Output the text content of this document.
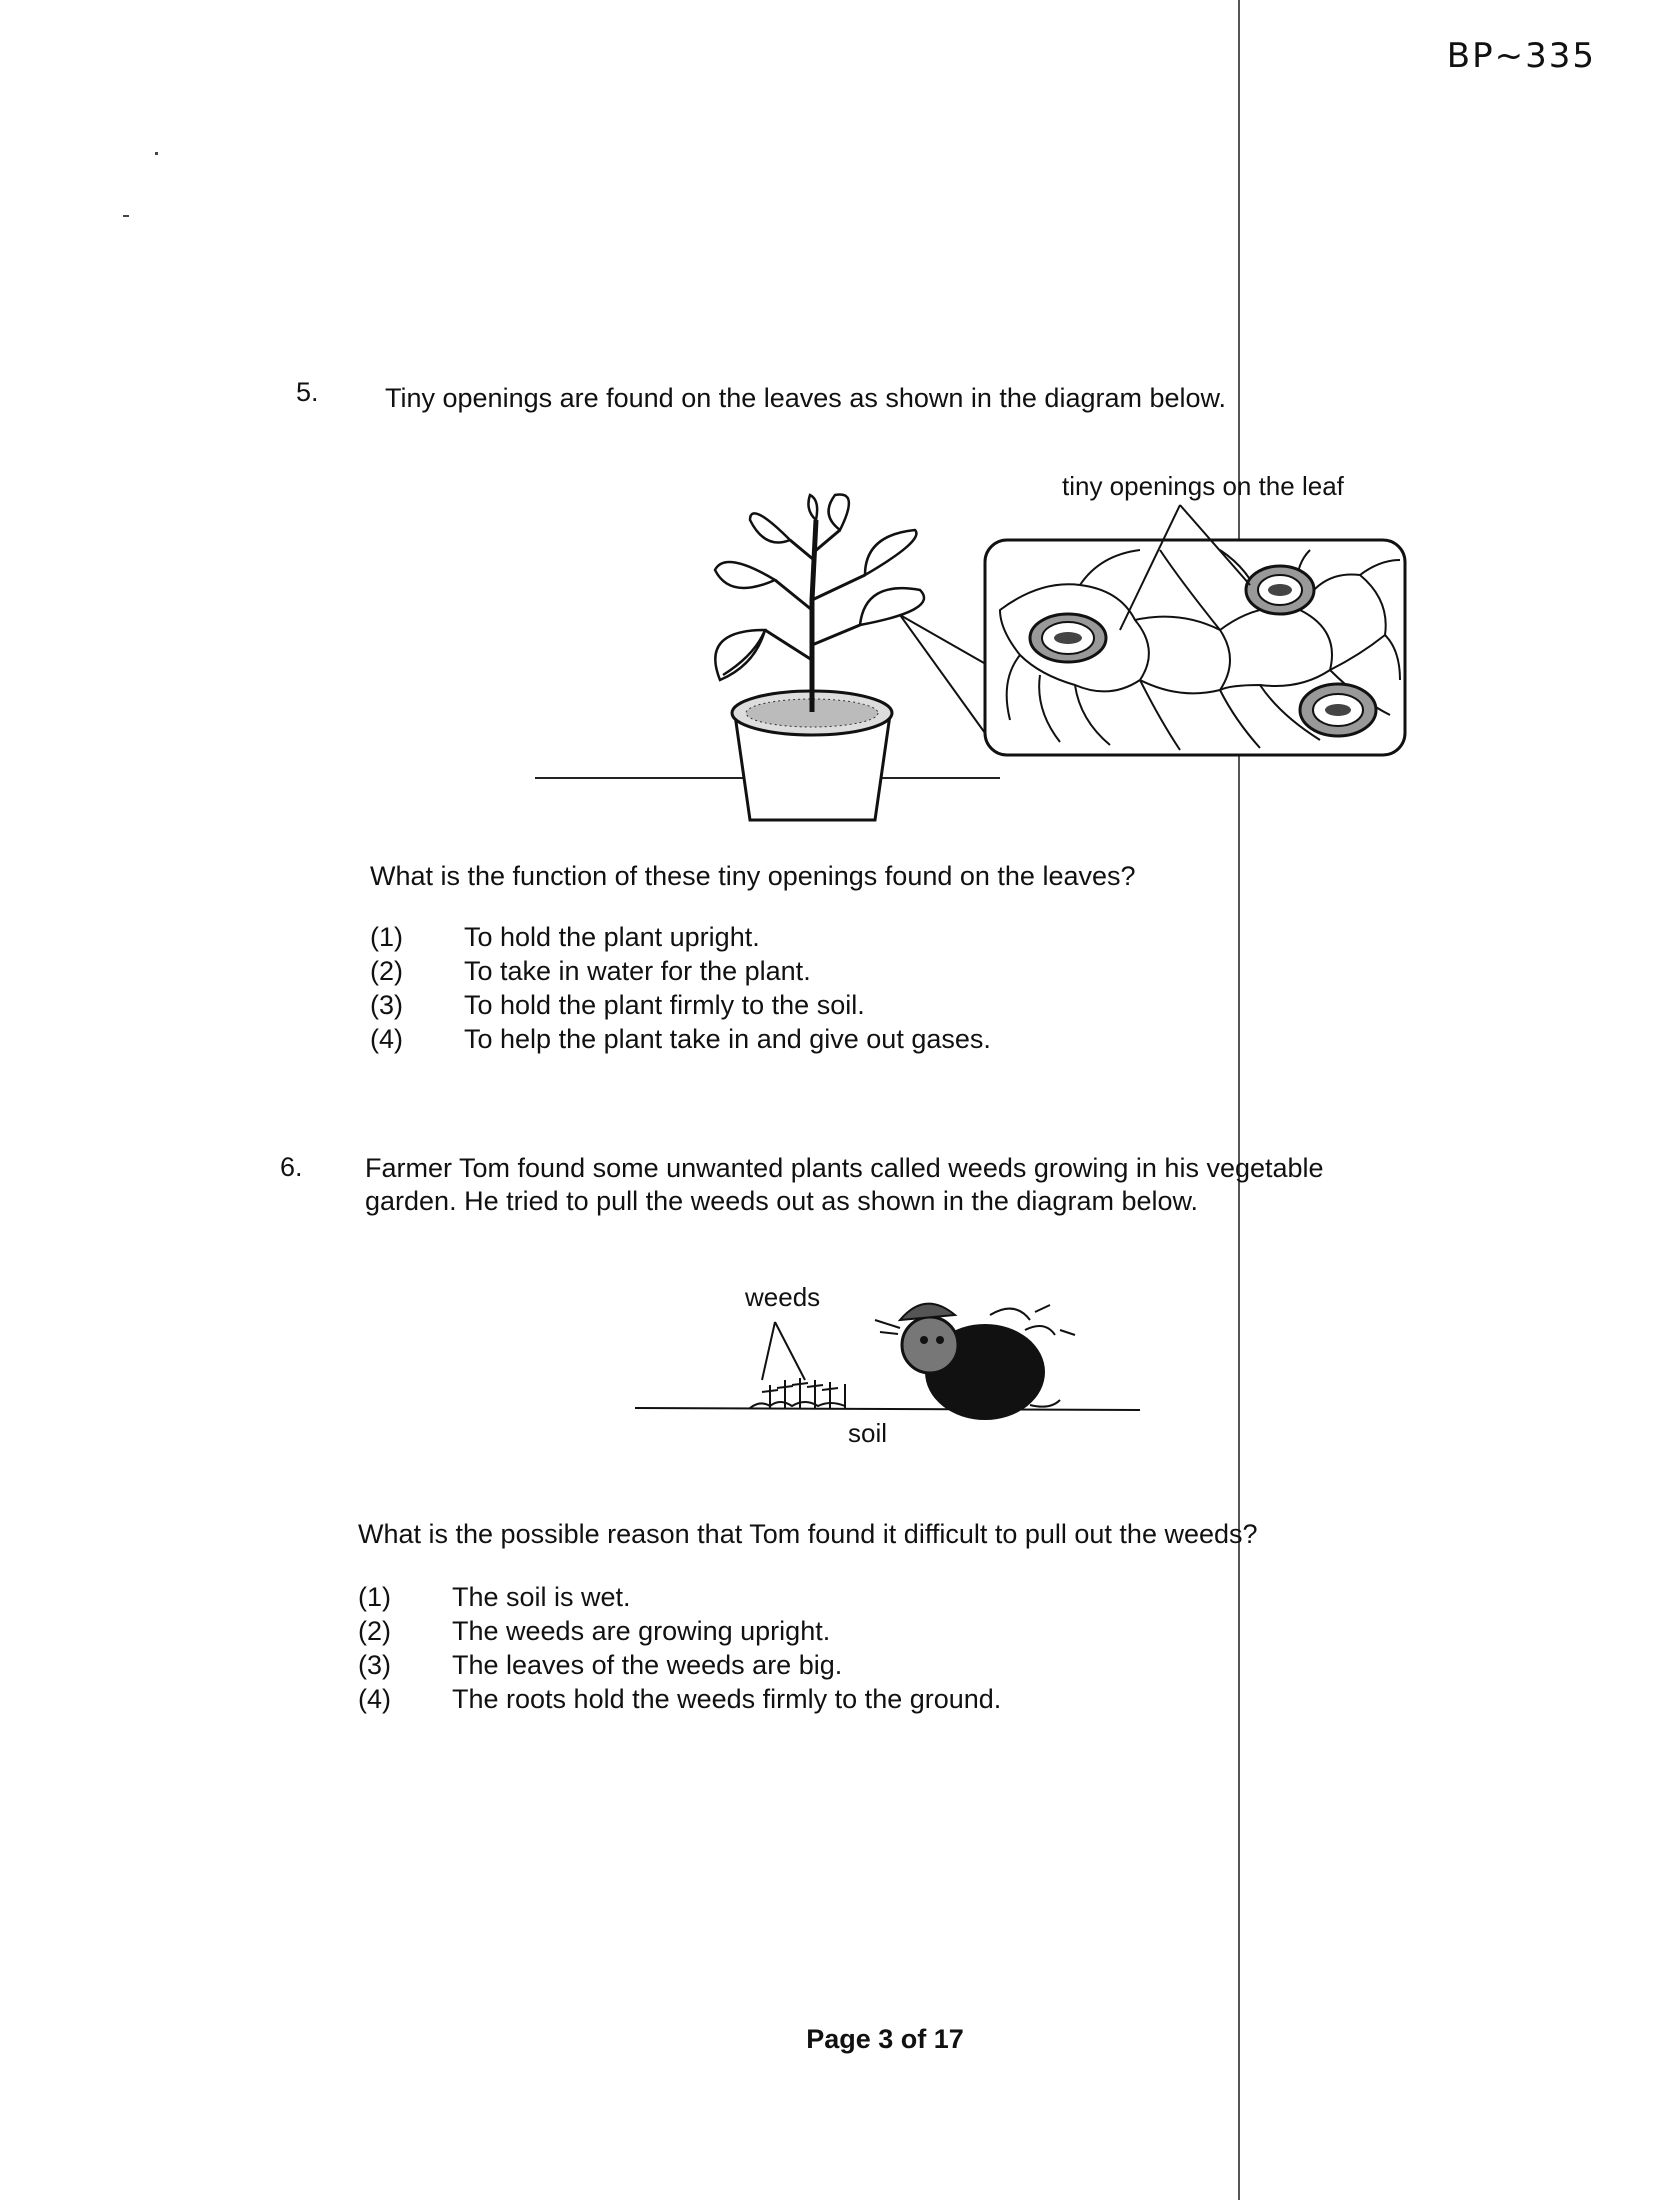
BP~335
5. Tiny openings are found on the leaves as shown in the diagram below.
tiny openings on the leaf
What is the function of these tiny openings found on the leaves?
(1)	To hold the plant upright.
(2)	To take in water for the plant.
(3)	To hold the plant firmly to the soil.
(4)	To help the plant take in and give out gases.
6. Farmer Tom found some unwanted plants called weeds growing in his vegetable
garden. He tried to pull the weeds out as shown in the diagram below.
weeds
soil
What is the possible reason that Tom found it difficult to pull out the weeds?
(1)	The soil is wet.
(2)	The weeds are growing upright.
(3)	The leaves of the weeds are big.
(4)	The roots hold the weeds firmly to the ground.
Page 3 of 17
